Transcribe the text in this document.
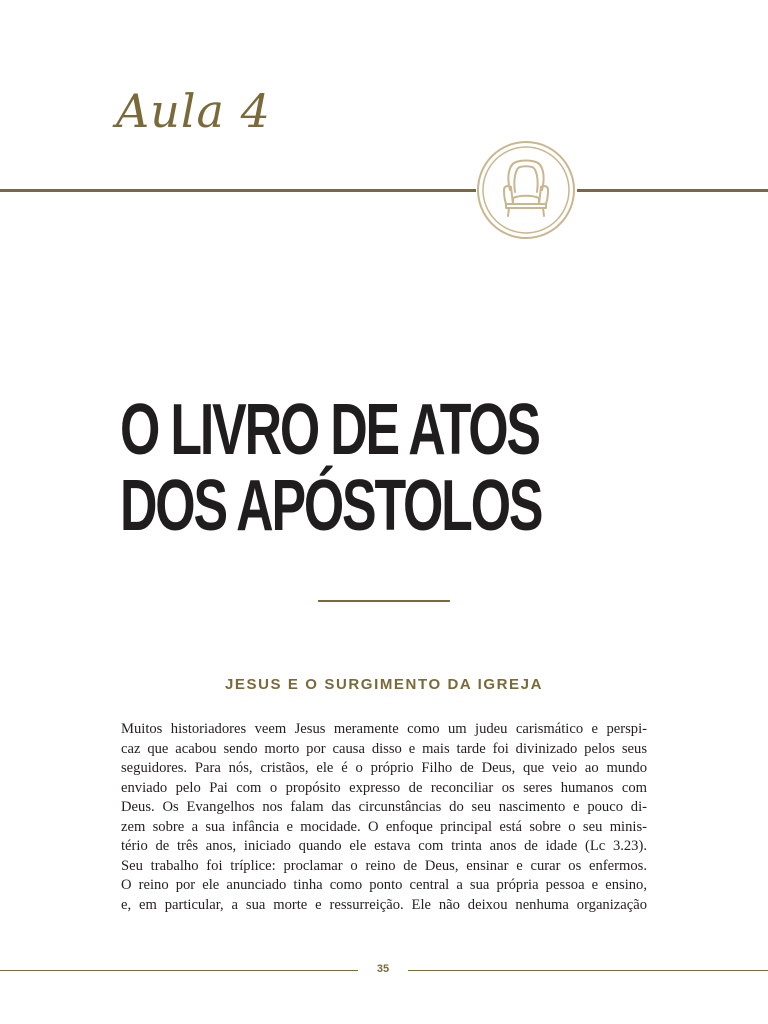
Aula 4
O LIVRO DE ATOS
DOS APÓSTOLOS
JESUS E O SURGIMENTO DA IGREJA
Muitos historiadores veem Jesus meramente como um judeu carismático e perspi-
caz que acabou sendo morto por causa disso e mais tarde foi divinizado pelos seus
seguidores. Para nós, cristãos, ele é o próprio Filho de Deus, que veio ao mundo
enviado pelo Pai com o propósito expresso de reconciliar os seres humanos com
Deus. Os Evangelhos nos falam das circunstâncias do seu nascimento e pouco di-
zem sobre a sua infância e mocidade. O enfoque principal está sobre o seu minis-
tério de três anos, iniciado quando ele estava com trinta anos de idade (Lc 3.23).
Seu trabalho foi tríplice: proclamar o reino de Deus, ensinar e curar os enfermos.
O reino por ele anunciado tinha como ponto central a sua própria pessoa e ensino,
e, em particular, a sua morte e ressurreição. Ele não deixou nenhuma organização
35
